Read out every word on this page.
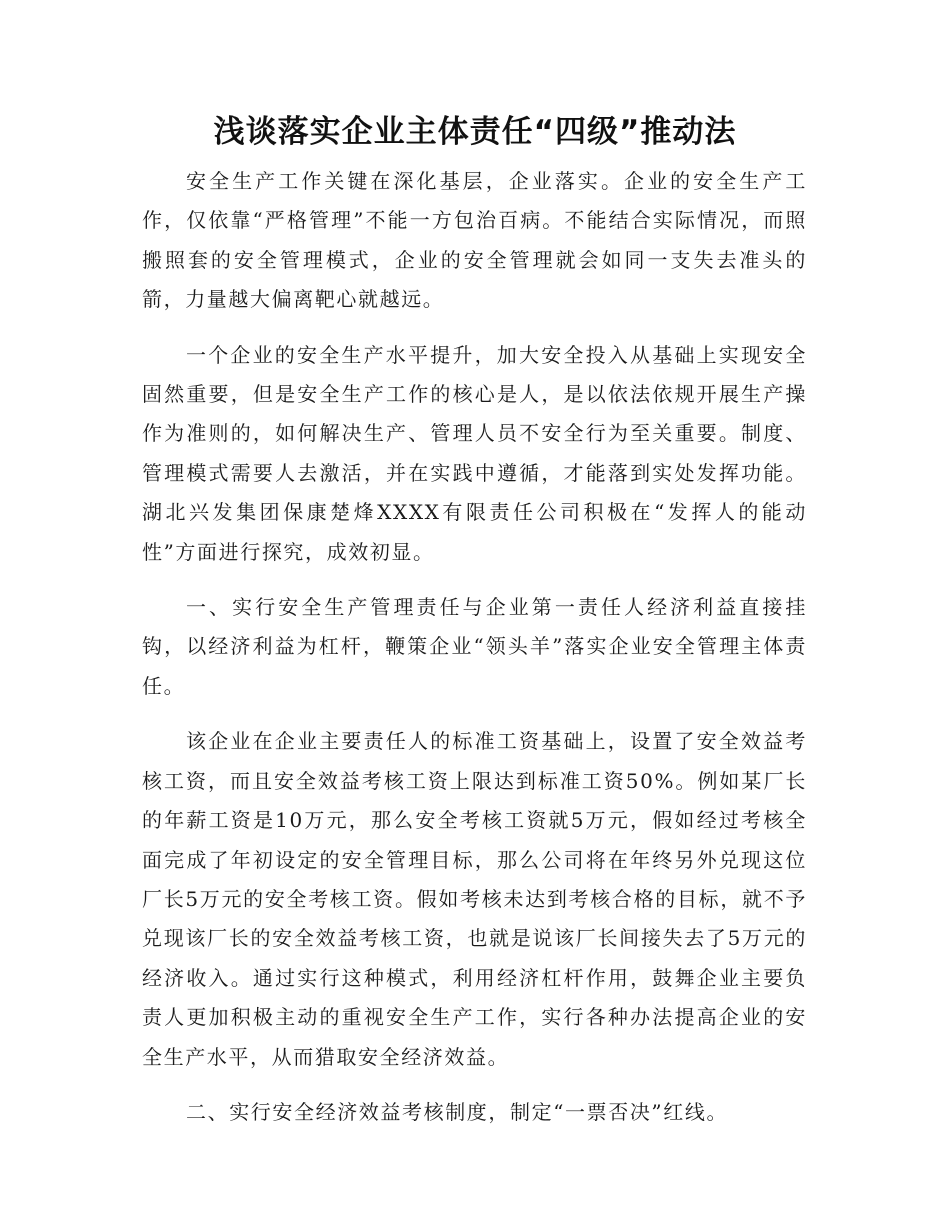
浅谈落实企业主体责任“四级”推动法

安全生产工作关键在深化基层，企业落实。企业的安全生产工作，仅依靠“严格管理”不能一方包治百病。不能结合实际情况，而照搬照套的安全管理模式，企业的安全管理就会如同一支失去准头的箭，力量越大偏离靶心就越远。

一个企业的安全生产水平提升，加大安全投入从基础上实现安全固然重要，但是安全生产工作的核心是人，是以依法依规开展生产操作为准则的，如何解决生产、管理人员不安全行为至关重要。制度、管理模式需要人去激活，并在实践中遵循，才能落到实处发挥功能。湖北兴发集团保康楚烽XXXX有限责任公司积极在“发挥人的能动性”方面进行探究，成效初显。

一、实行安全生产管理责任与企业第一责任人经济利益直接挂钩，以经济利益为杠杆，鞭策企业“领头羊”落实企业安全管理主体责任。

该企业在企业主要责任人的标准工资基础上，设置了安全效益考核工资，而且安全效益考核工资上限达到标准工资50%。例如某厂长的年薪工资是10万元，那么安全考核工资就5万元，假如经过考核全面完成了年初设定的安全管理目标，那么公司将在年终另外兑现这位厂长5万元的安全考核工资。假如考核未达到考核合格的目标，就不予兑现该厂长的安全效益考核工资，也就是说该厂长间接失去了5万元的经济收入。通过实行这种模式，利用经济杠杆作用，鼓舞企业主要负责人更加积极主动的重视安全生产工作，实行各种办法提高企业的安全生产水平，从而猎取安全经济效益。

二、实行安全经济效益考核制度，制定“一票否决”红线。
